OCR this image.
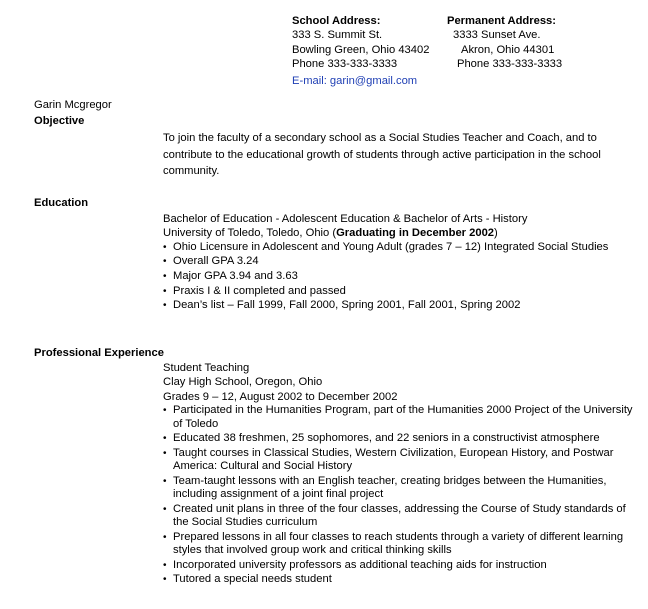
School Address:
333 S. Summit St.
Bowling Green, Ohio 43402
Phone 333-333-3333
E-mail: garin@gmail.com
Permanent Address:
3333 Sunset Ave.
Akron, Ohio 44301
Phone 333-333-3333
Garin Mcgregor
Objective
To join the faculty of a secondary school as a Social Studies Teacher and Coach, and to contribute to the educational growth of students through active participation in the school community.
Education
Bachelor of Education - Adolescent Education & Bachelor of Arts - History
University of Toledo, Toledo, Ohio (Graduating in December 2002)
• Ohio Licensure in Adolescent and Young Adult (grades 7 – 12) Integrated Social Studies
• Overall GPA 3.24
• Major GPA 3.94 and 3.63
• Praxis I & II completed and passed
• Dean’s list – Fall 1999, Fall 2000, Spring 2001, Fall 2001, Spring 2002
Professional Experience
Student Teaching
Clay High School, Oregon, Ohio
Grades 9 – 12, August 2002 to December 2002
• Participated in the Humanities Program, part of the Humanities 2000 Project of the University of Toledo
• Educated 38 freshmen, 25 sophomores, and 22 seniors in a constructivist atmosphere
• Taught courses in Classical Studies, Western Civilization, European History, and Postwar America: Cultural and Social History
• Team-taught lessons with an English teacher, creating bridges between the Humanities, including assignment of a joint final project
• Created unit plans in three of the four classes, addressing the Course of Study standards of the Social Studies curriculum
• Prepared lessons in all four classes to reach students through a variety of different learning styles that involved group work and critical thinking skills
• Incorporated university professors as additional teaching aids for instruction
• Tutored a special needs student
